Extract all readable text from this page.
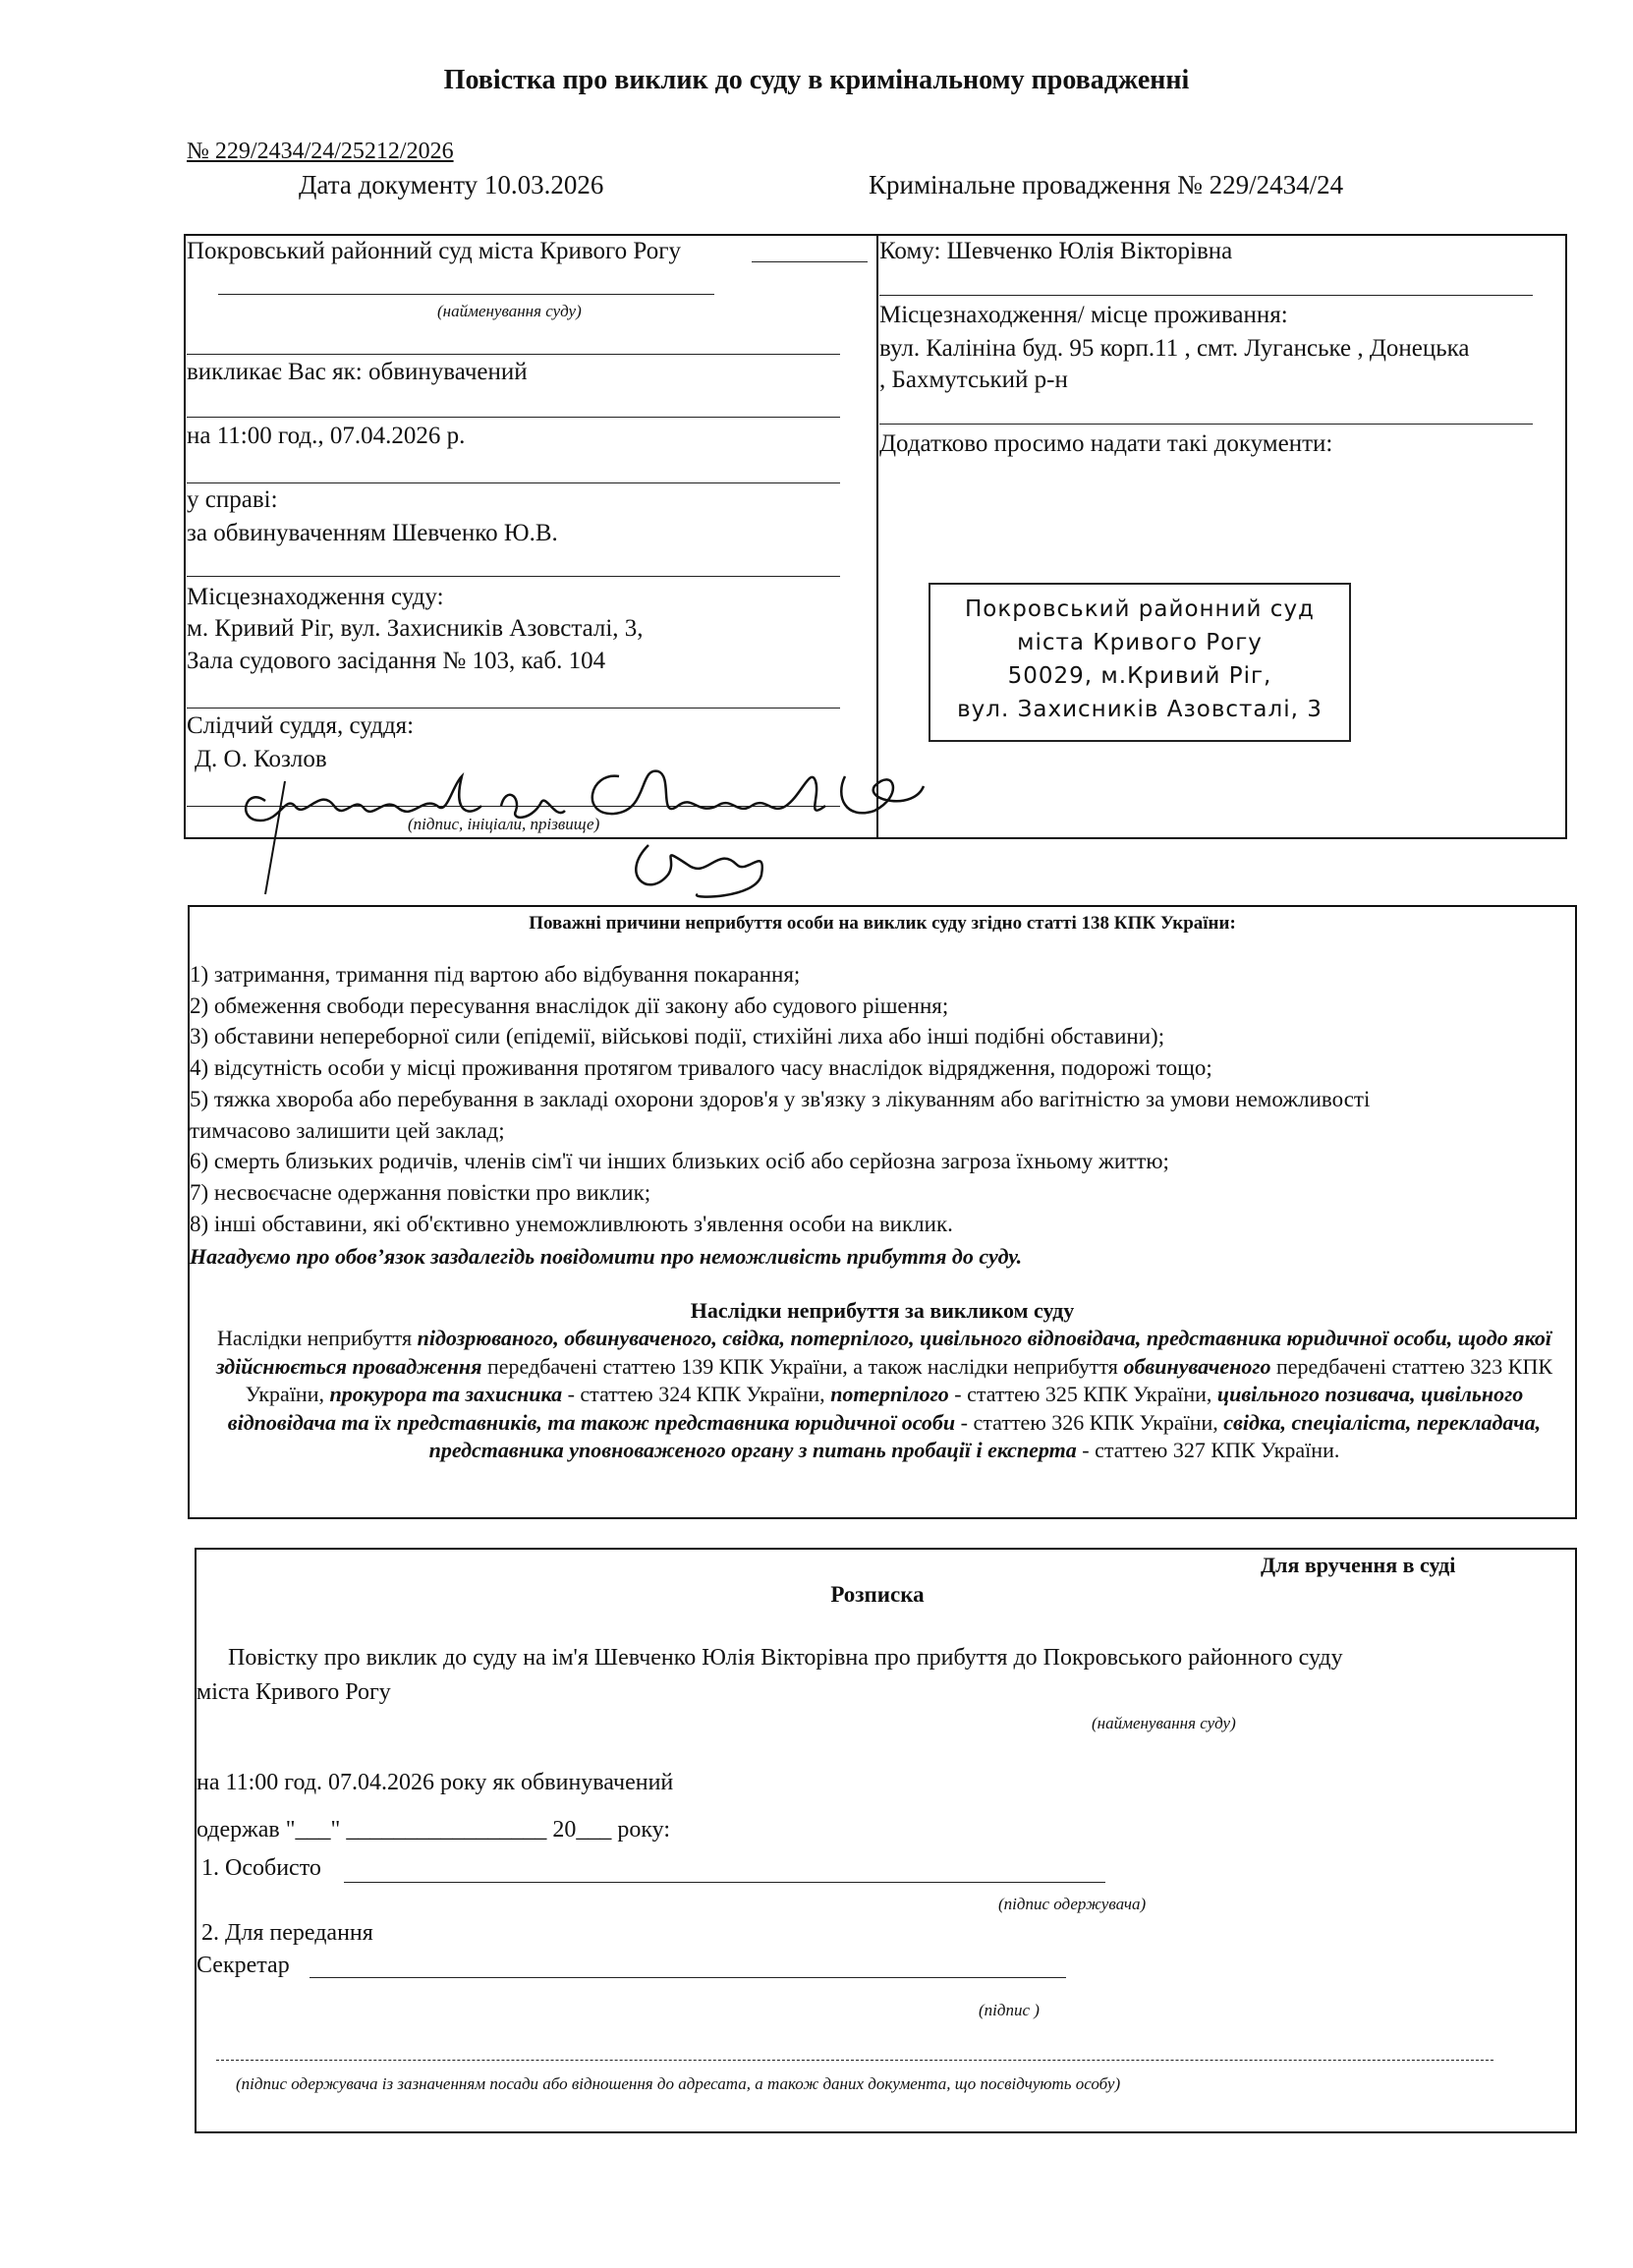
Повістка про виклик до суду в кримінальному провадженні
№ 229/2434/24/25212/2026
Дата документу 10.03.2026	Кримінальне провадження № 229/2434/24
Покровський районний суд міста Кривого Рогу
(найменування суду)
викликає Вас як: обвинувачений
на 11:00 год., 07.04.2026 р.
у справі:
за обвинуваченням Шевченко Ю.В.
Місцезнаходження суду:
м. Кривий Ріг, вул. Захисників Азовсталі, 3,
Зала судового засідання № 103, каб. 104
Слідчий суддя, суддя:
Д. О. Козлов
(підпис, ініціали, прізвище)
Кому: Шевченко Юлія Вікторівна
Місцезнаходження/ місце проживання:
вул. Калініна буд. 95 корп.11 , смт. Луганське , Донецька
, Бахмутський р-н
Додатково просимо надати такі документи:
Покровський районний суд
міста Кривого Рогу
50029, м.Кривий Ріг,
вул. Захисників Азовсталі, 3
Поважні причини неприбуття особи на виклик суду згідно статті 138 КПК України:
1) затримання, тримання під вартою або відбування покарання;
2) обмеження свободи пересування внаслідок дії закону або судового рішення;
3) обставини непереборної сили (епідемії, військові події, стихійні лиха або інші подібні обставини);
4) відсутність особи у місці проживання протягом тривалого часу внаслідок відрядження, подорожі тощо;
5) тяжка хвороба або перебування в закладі охорони здоров'я у зв'язку з лікуванням або вагітністю за умови неможливості
тимчасово залишити цей заклад;
6) смерть близьких родичів, членів сім'ї чи інших близьких осіб або серйозна загроза їхньому життю;
7) несвоєчасне одержання повістки про виклик;
8) інші обставини, які об'єктивно унеможливлюють з'явлення особи на виклик.
Нагадуємо про обов’язок заздалегідь повідомити про неможливість прибуття до суду.
Наслідки неприбуття за викликом суду
Наслідки неприбуття підозрюваного, обвинуваченого, свідка, потерпілого, цивільного відповідача, представника юридичної особи, щодо якої здійснюється провадження передбачені статтею 139 КПК України, а також наслідки неприбуття обвинуваченого передбачені статтею 323 КПК України, прокурора та захисника - статтею 324 КПК України, потерпілого - статтею 325 КПК України, цивільного позивача, цивільного відповідача та їх представників, та також представника юридичної особи - статтею 326 КПК України, свідка, спеціаліста, перекладача, представника уповноваженого органу з питань пробації і експерта - статтею 327 КПК України.
Для вручення в суді
Розписка
Повістку про виклик до суду на ім'я Шевченко Юлія Вікторівна про прибуття до Покровського районного суду
міста Кривого Рогу
(найменування суду)
на 11:00 год. 07.04.2026 року як обвинувачений
одержав "___" _________________ 20___ року:
1. Особисто
(підпис одержувача)
2. Для передання
Секретар
(підпис )
(підпис одержувача із зазначенням посади або відношення до адресата, а також даних документа, що посвідчують особу)
